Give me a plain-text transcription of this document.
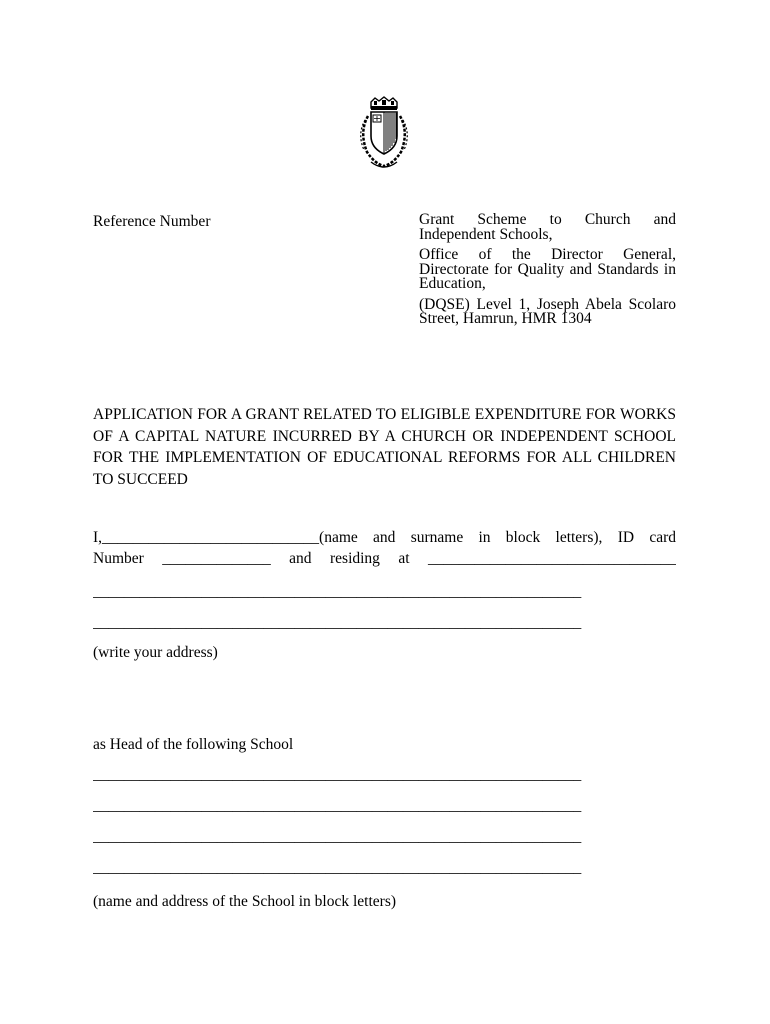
Reference Number	Grant Scheme to Church and Independent Schools,

Office of the Director General, Directorate for Quality and Standards in Education,

(DQSE) Level 1, Joseph Abela Scolaro Street, Hamrun, HMR 1304

APPLICATION FOR A GRANT RELATED TO ELIGIBLE EXPENDITURE FOR WORKS OF A CAPITAL NATURE INCURRED BY A CHURCH OR INDEPENDENT SCHOOL FOR THE IMPLEMENTATION OF EDUCATIONAL REFORMS FOR ALL CHILDREN TO SUCCEED
I,____________________________(name and surname in block letters), ID card
Number ______________ and residing at ________________________________
_______________________________________________________________
_______________________________________________________________
(write your address)
as Head of the following School
_______________________________________________________________
_______________________________________________________________
_______________________________________________________________
_______________________________________________________________
(name and address of the School in block letters)
